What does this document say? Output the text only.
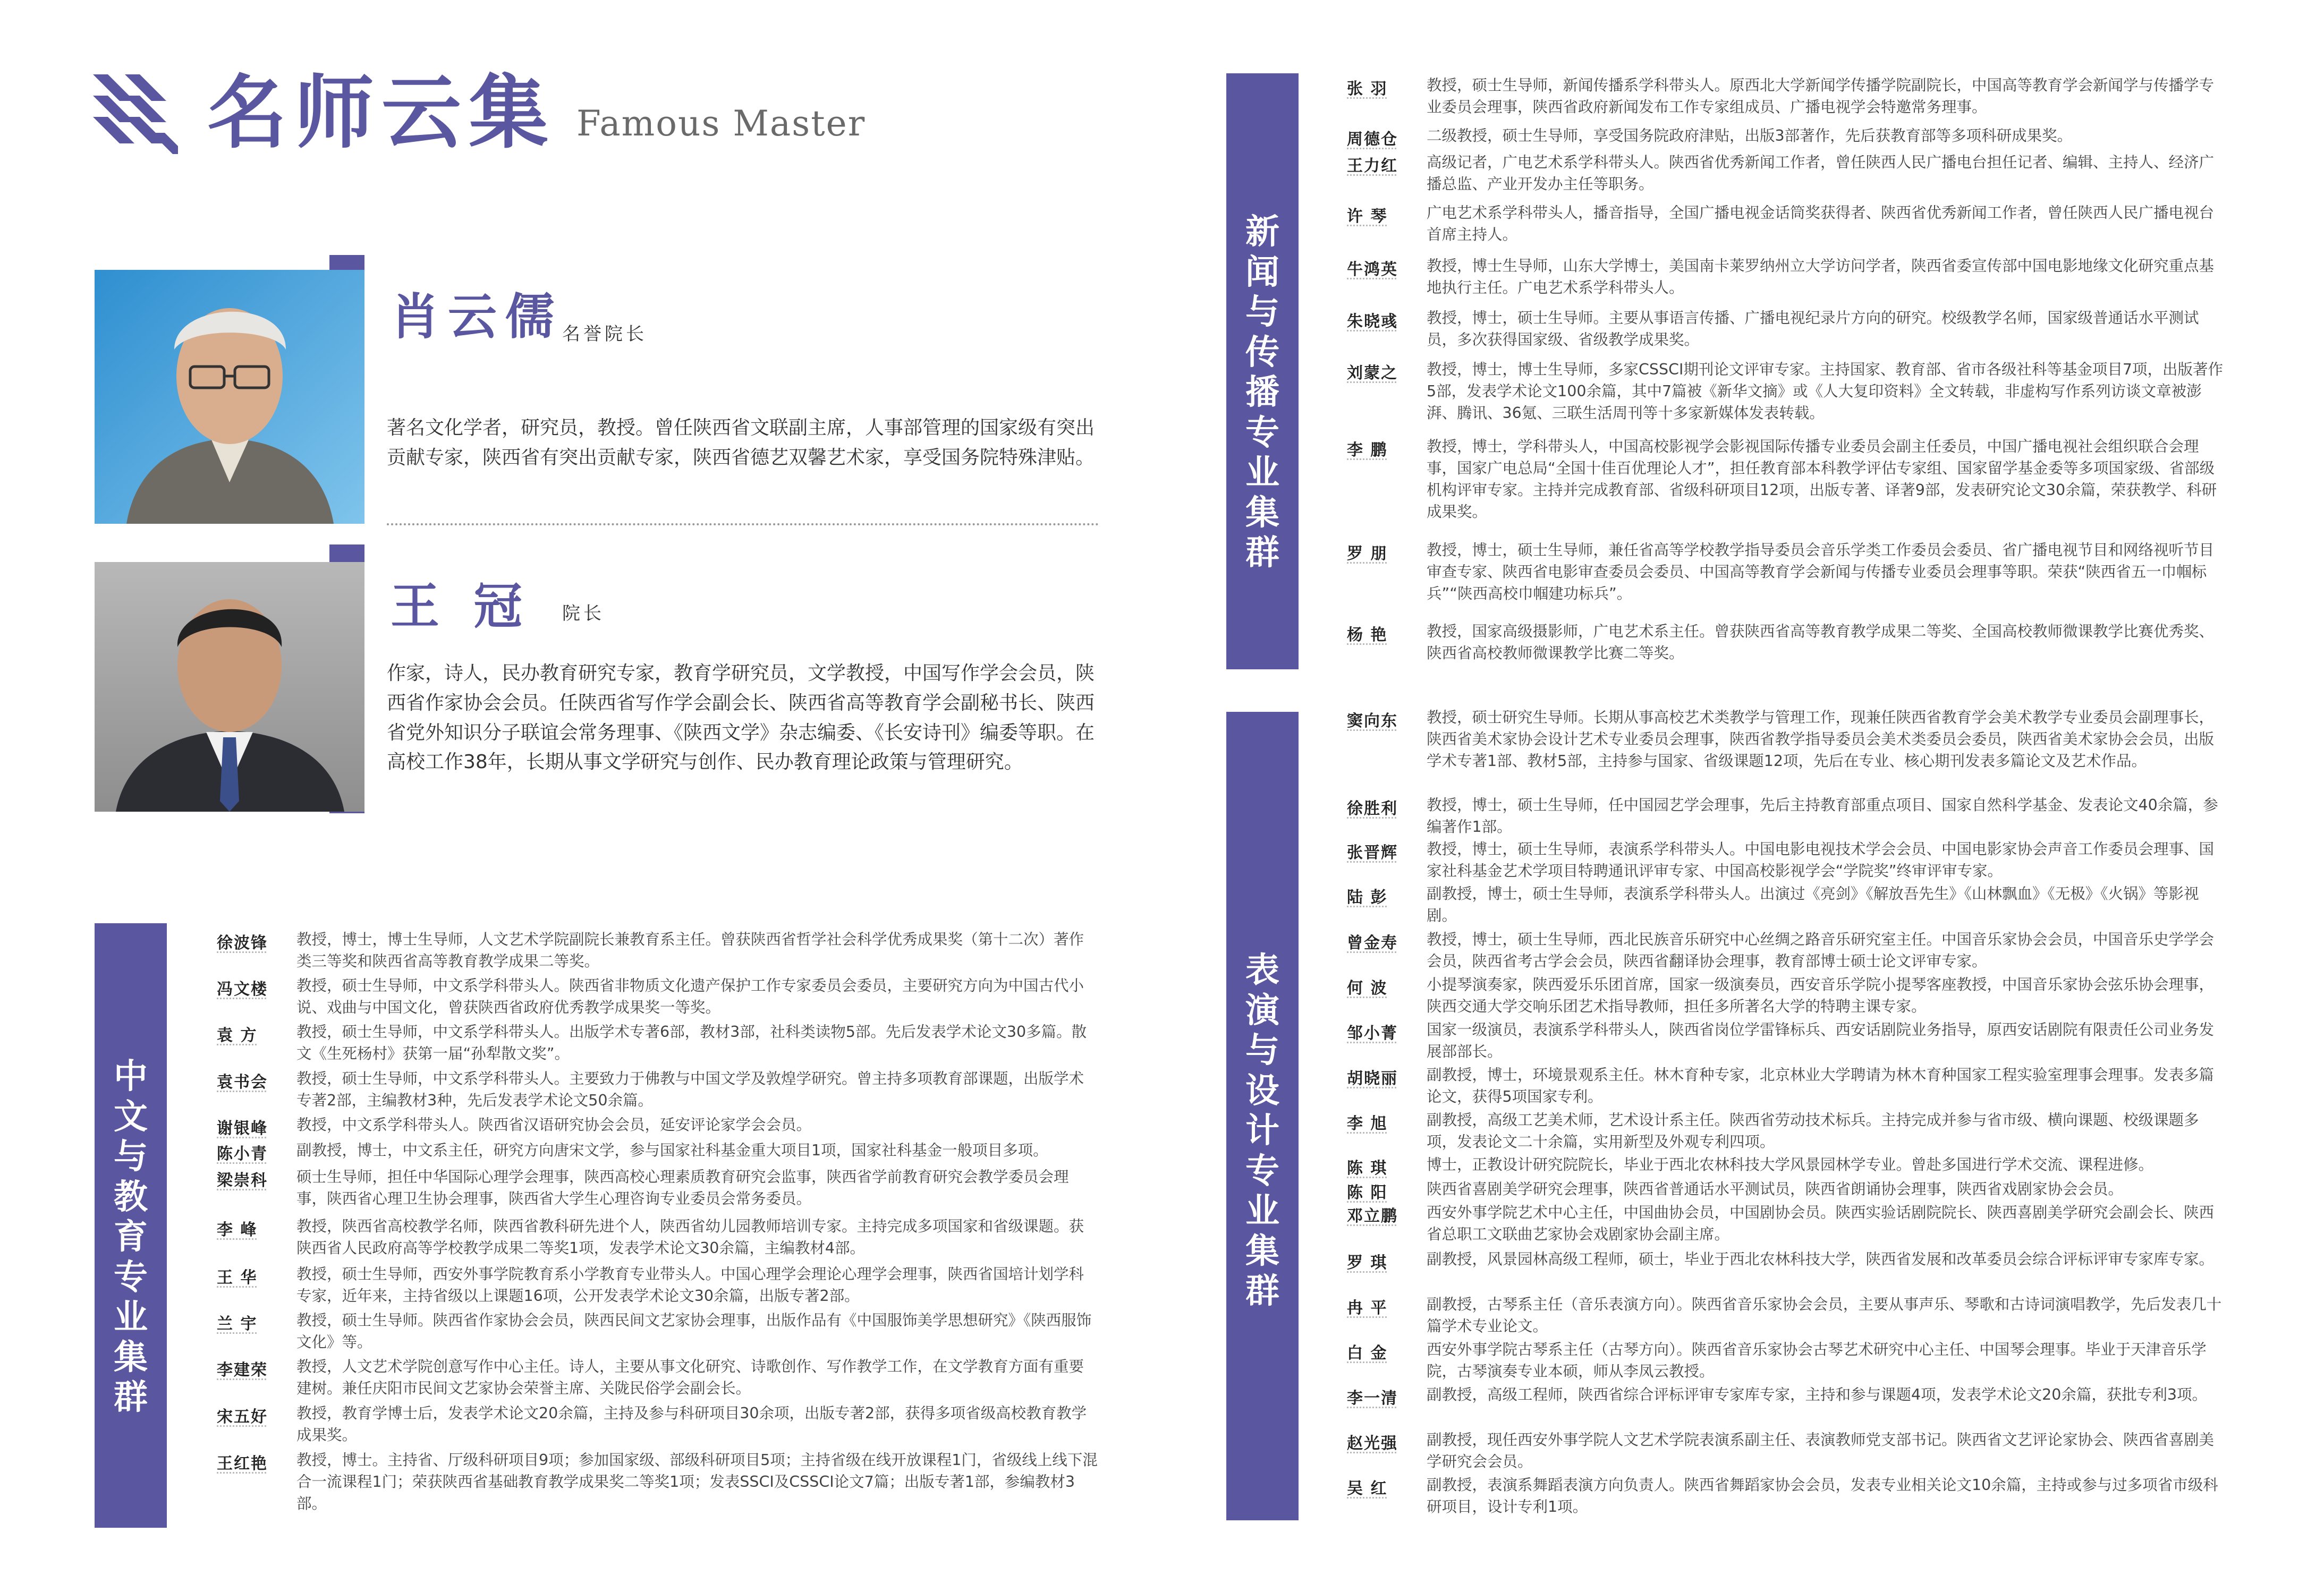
名师云集 Famous Master
肖云儒
名誉院长
著名文化学者，研究员，教授。曾任陕西省文联副主席，人事部管理的国家级有突出贡献专家，陕西省有突出贡献专家，陕西省德艺双馨艺术家，享受国务院特殊津贴。
王 冠 院长
作家，诗人，民办教育研究专家，教育学研究员，文学教授，中国写作学会会员，陕西省作家协会会员。任陕西省写作学会副会长、陕西省高等教育学会副秘书长、陕西省党外知识分子联谊会常务理事、《陕西文学》杂志编委、《长安诗刊》编委等职。在高校工作38年，长期从事文学研究与创作、民办教育理论政策与管理研究。
中文与教育专业集群
新闻与传播专业集群
表演与设计专业集群
徐波锋	教授，博士，博士生导师，人文艺术学院副院长兼教育系主任。曾获陕西省哲学社会科学优秀成果奖（第十二次）著作类三等奖和陕西省高等教育教学成果二等奖。
冯文楼	教授，硕士生导师，中文系学科带头人。陕西省非物质文化遗产保护工作专家委员会委员，主要研究方向为中国古代小说、戏曲与中国文化，曾获陕西省政府优秀教学成果奖一等奖。
袁 方	教授，硕士生导师，中文系学科带头人。出版学术专著6部，教材3部，社科类读物5部。先后发表学术论文30多篇。散文《生死杨村》获第一届“孙犁散文奖”。
袁书会	教授，硕士生导师，中文系学科带头人。主要致力于佛教与中国文学及敦煌学研究。曾主持多项教育部课题，出版学术专著2部，主编教材3种，先后发表学术论文50余篇。
谢银峰	教授，中文系学科带头人。陕西省汉语研究协会会员，延安评论家学会会员。
陈小青	副教授，博士，中文系主任，研究方向唐宋文学，参与国家社科基金重大项目1项，国家社科基金一般项目多项。
梁崇科	硕士生导师，担任中华国际心理学会理事，陕西高校心理素质教育研究会监事，陕西省学前教育研究会教学委员会理事，陕西省心理卫生协会理事，陕西省大学生心理咨询专业委员会常务委员。
李 峰	教授，陕西省高校教学名师，陕西省教科研先进个人，陕西省幼儿园教师培训专家。主持完成多项国家和省级课题。获陕西省人民政府高等学校教学成果二等奖1项，发表学术论文30余篇，主编教材4部。
王 华	教授，硕士生导师，西安外事学院教育系小学教育专业带头人。中国心理学会理论心理学会理事，陕西省国培计划学科专家，近年来，主持省级以上课题16项，公开发表学术论文30余篇，出版专著2部。
兰 宇	教授，硕士生导师。陕西省作家协会会员，陕西民间文艺家协会理事，出版作品有《中国服饰美学思想研究》《陕西服饰文化》等。
李建荣	教授，人文艺术学院创意写作中心主任。诗人，主要从事文化研究、诗歌创作、写作教学工作，在文学教育方面有重要建树。兼任庆阳市民间文艺家协会荣誉主席、关陇民俗学会副会长。
宋五好	教授，教育学博士后，发表学术论文20余篇，主持及参与科研项目30余项，出版专著2部，获得多项省级高校教育教学成果奖。
王红艳	教授，博士。主持省、厅级科研项目9项；参加国家级、部级科研项目5项；主持省级在线开放课程1门，省级线上线下混合一流课程1门；荣获陕西省基础教育教学成果奖二等奖1项；发表SSCI及CSSCI论文7篇；出版专著1部，参编教材3部。
张 羽	教授，硕士生导师，新闻传播系学科带头人。原西北大学新闻学传播学院副院长，中国高等教育学会新闻学与传播学专业委员会理事，陕西省政府新闻发布工作专家组成员、广播电视学会特邀常务理事。
周德仓	二级教授，硕士生导师，享受国务院政府津贴，出版3部著作，先后获教育部等多项科研成果奖。
王力红	高级记者，广电艺术系学科带头人。陕西省优秀新闻工作者，曾任陕西人民广播电台担任记者、编辑、主持人、经济广播总监、产业开发办主任等职务。
许 琴	广电艺术系学科带头人，播音指导，全国广播电视金话筒奖获得者、陕西省优秀新闻工作者，曾任陕西人民广播电视台首席主持人。
牛鸿英	教授，博士生导师，山东大学博士，美国南卡莱罗纳州立大学访问学者，陕西省委宣传部中国电影地缘文化研究重点基地执行主任。广电艺术系学科带头人。
朱晓彧	教授，博士，硕士生导师。主要从事语言传播、广播电视纪录片方向的研究。校级教学名师，国家级普通话水平测试员，多次获得国家级、省级教学成果奖。
刘蒙之	教授，博士，博士生导师，多家CSSCI期刊论文评审专家。主持国家、教育部、省市各级社科等基金项目7项，出版著作5部，发表学术论文100余篇，其中7篇被《新华文摘》或《人大复印资料》全文转载，非虚构写作系列访谈文章被澎湃、腾讯、36氪、三联生活周刊等十多家新媒体发表转载。
李 鹏	教授，博士，学科带头人，中国高校影视学会影视国际传播专业委员会副主任委员，中国广播电视社会组织联合会理事，国家广电总局“全国十佳百优理论人才”，担任教育部本科教学评估专家组、国家留学基金委等多项国家级、省部级机构评审专家。主持并完成教育部、省级科研项目12项，出版专著、译著9部，发表研究论文30余篇，荣获教学、科研成果奖。
罗 朋	教授，博士，硕士生导师，兼任省高等学校教学指导委员会音乐学类工作委员会委员、省广播电视节目和网络视听节目审查专家、陕西省电影审查委员会委员、中国高等教育学会新闻与传播专业委员会理事等职。荣获“陕西省五一巾帼标兵”“陕西高校巾帼建功标兵”。
杨 艳	教授，国家高级摄影师，广电艺术系主任。曾获陕西省高等教育教学成果二等奖、全国高校教师微课教学比赛优秀奖、陕西省高校教师微课教学比赛二等奖。
窦向东	教授，硕士研究生导师。长期从事高校艺术类教学与管理工作，现兼任陕西省教育学会美术教学专业委员会副理事长，陕西省美术家协会设计艺术专业委员会理事，陕西省教学指导委员会美术类委员会委员，陕西省美术家协会会员，出版学术专著1部、教材5部，主持参与国家、省级课题12项，先后在专业、核心期刊发表多篇论文及艺术作品。
徐胜利	教授，博士，硕士生导师，任中国园艺学会理事，先后主持教育部重点项目、国家自然科学基金、发表论文40余篇，参编著作1部。
张晋辉	教授，博士，硕士生导师，表演系学科带头人。中国电影电视技术学会会员、中国电影家协会声音工作委员会理事、国家社科基金艺术学项目特聘通讯评审专家、中国高校影视学会“学院奖”终审评审专家。
陆 彭	副教授，博士，硕士生导师，表演系学科带头人。出演过《亮剑》《解放吾先生》《山林飘血》《无极》《火锅》等影视剧。
曾金寿	教授，博士，硕士生导师，西北民族音乐研究中心丝绸之路音乐研究室主任。中国音乐家协会会员，中国音乐史学学会会员，陕西省考古学会会员，陕西省翻译协会理事，教育部博士硕士论文评审专家。
何 波	小提琴演奏家，陕西爱乐乐团首席，国家一级演奏员，西安音乐学院小提琴客座教授，中国音乐家协会弦乐协会理事，陕西交通大学交响乐团艺术指导教师，担任多所著名大学的特聘主课专家。
邹小菁	国家一级演员，表演系学科带头人，陕西省岗位学雷锋标兵、西安话剧院业务指导，原西安话剧院有限责任公司业务发展部部长。
胡晓丽	副教授，博士，环境景观系主任。林木育种专家，北京林业大学聘请为林木育种国家工程实验室理事会理事。发表多篇论文，获得5项国家专利。
李 旭	副教授，高级工艺美术师，艺术设计系主任。陕西省劳动技术标兵。主持完成并参与省市级、横向课题、校级课题多项，发表论文二十余篇，实用新型及外观专利四项。
陈 琪	博士，正教设计研究院院长，毕业于西北农林科技大学风景园林学专业。曾赴多国进行学术交流、课程进修。
陈 阳	陕西省喜剧美学研究会理事，陕西省普通话水平测试员，陕西省朗诵协会理事，陕西省戏剧家协会会员。
邓立鹏	西安外事学院艺术中心主任，中国曲协会员，中国剧协会员。陕西实验话剧院院长、陕西喜剧美学研究会副会长、陕西省总职工文联曲艺家协会戏剧家协会副主席。
罗 琪	副教授，风景园林高级工程师，硕士，毕业于西北农林科技大学，陕西省发展和改革委员会综合评标评审专家库专家。
冉 平	副教授，古琴系主任（音乐表演方向）。陕西省音乐家协会会员，主要从事声乐、琴歌和古诗词演唱教学，先后发表几十篇学术专业论文。
白 金	西安外事学院古琴系主任（古琴方向）。陕西省音乐家协会古琴艺术研究中心主任、中国琴会理事。毕业于天津音乐学院，古琴演奏专业本硕，师从李凤云教授。
李一清	副教授，高级工程师，陕西省综合评标评审专家库专家，主持和参与课题4项，发表学术论文20余篇，获批专利3项。
赵光强	副教授，现任西安外事学院人文艺术学院表演系副主任、表演教师党支部书记。陕西省文艺评论家协会、陕西省喜剧美学研究会会员。
吴 红	副教授，表演系舞蹈表演方向负责人。陕西省舞蹈家协会会员，发表专业相关论文10余篇，主持或参与过多项省市级科研项目，设计专利1项。
